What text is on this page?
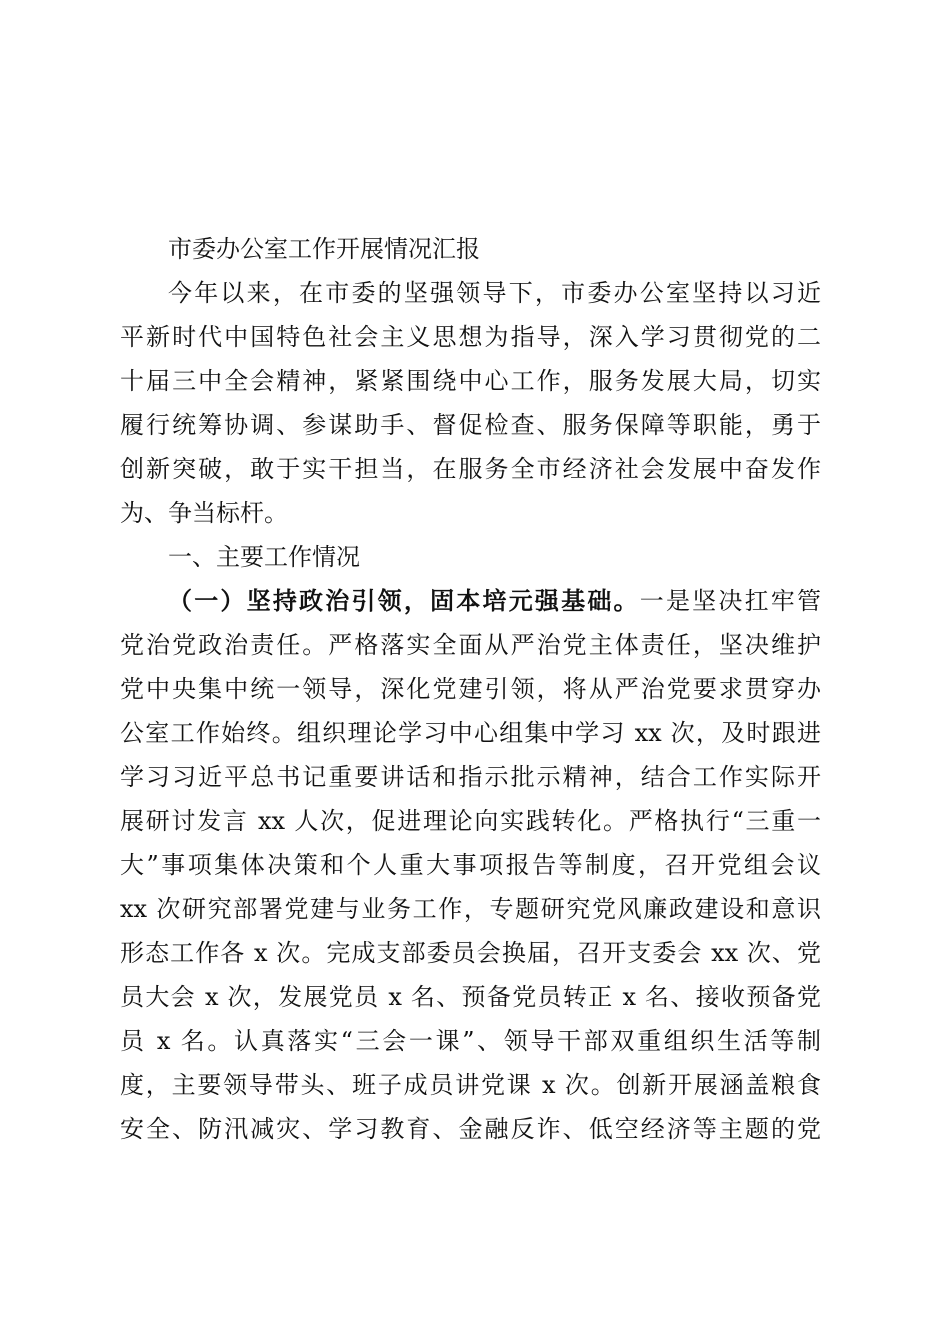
市委办公室工作开展情况汇报
今年以来，在市委的坚强领导下，市委办公室坚持以习近
平新时代中国特色社会主义思想为指导，深入学习贯彻党的二
十届三中全会精神，紧紧围绕中心工作，服务发展大局，切实
履行统筹协调、参谋助手、督促检查、服务保障等职能，勇于
创新突破，敢于实干担当，在服务全市经济社会发展中奋发作
为、争当标杆。
一、主要工作情况
（一）坚持政治引领，固本培元强基础。一是坚决扛牢管
党治党政治责任。严格落实全面从严治党主体责任，坚决维护
党中央集中统一领导，深化党建引领，将从严治党要求贯穿办
公室工作始终。组织理论学习中心组集中学习 xx 次，及时跟进
学习习近平总书记重要讲话和指示批示精神，结合工作实际开
展研讨发言 xx 人次，促进理论向实践转化。严格执行“三重一
大”事项集体决策和个人重大事项报告等制度，召开党组会议
xx 次研究部署党建与业务工作，专题研究党风廉政建设和意识
形态工作各 x 次。完成支部委员会换届，召开支委会 xx 次、党
员大会 x 次，发展党员 x 名、预备党员转正 x 名、接收预备党
员 x 名。认真落实“三会一课”、领导干部双重组织生活等制
度，主要领导带头、班子成员讲党课 x 次。创新开展涵盖粮食
安全、防汛减灾、学习教育、金融反诈、低空经济等主题的党
